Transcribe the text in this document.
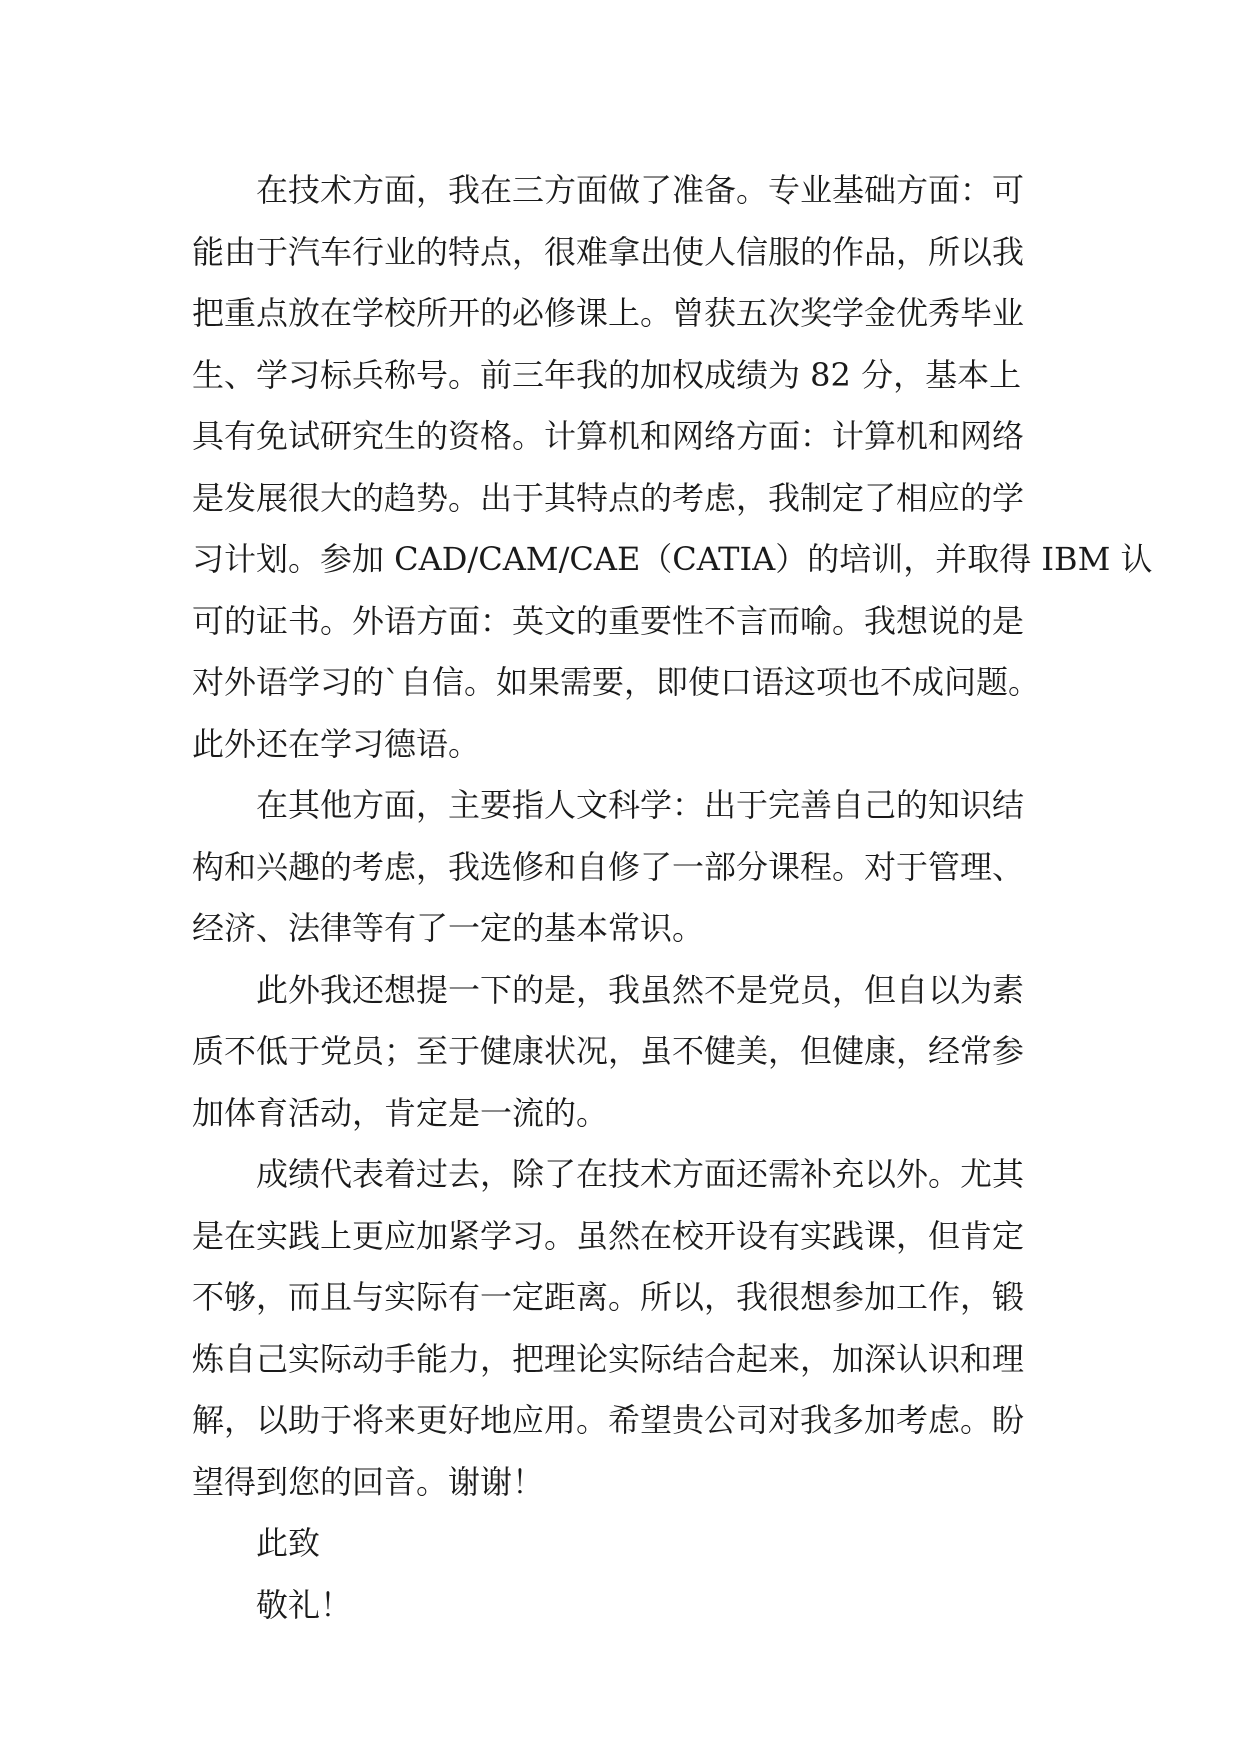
在技术方面，我在三方面做了准备。专业基础方面：可
能由于汽车行业的特点，很难拿出使人信服的作品，所以我
把重点放在学校所开的必修课上。曾获五次奖学金优秀毕业
生、学习标兵称号。前三年我的加权成绩为 82 分，基本上
具有免试研究生的资格。计算机和网络方面：计算机和网络
是发展很大的趋势。出于其特点的考虑，我制定了相应的学
习计划。参加 CAD/CAM/CAE（CATIA）的培训，并取得 IBM 认
可的证书。外语方面：英文的重要性不言而喻。我想说的是
对外语学习的`自信。如果需要，即使口语这项也不成问题。
此外还在学习德语。
在其他方面，主要指人文科学：出于完善自己的知识结
构和兴趣的考虑，我选修和自修了一部分课程。对于管理、
经济、法律等有了一定的基本常识。
此外我还想提一下的是，我虽然不是党员，但自以为素
质不低于党员；至于健康状况，虽不健美，但健康，经常参
加体育活动，肯定是一流的。
成绩代表着过去，除了在技术方面还需补充以外。尤其
是在实践上更应加紧学习。虽然在校开设有实践课，但肯定
不够，而且与实际有一定距离。所以，我很想参加工作，锻
炼自己实际动手能力，把理论实际结合起来，加深认识和理
解，以助于将来更好地应用。希望贵公司对我多加考虑。盼
望得到您的回音。谢谢！
此致
敬礼！
